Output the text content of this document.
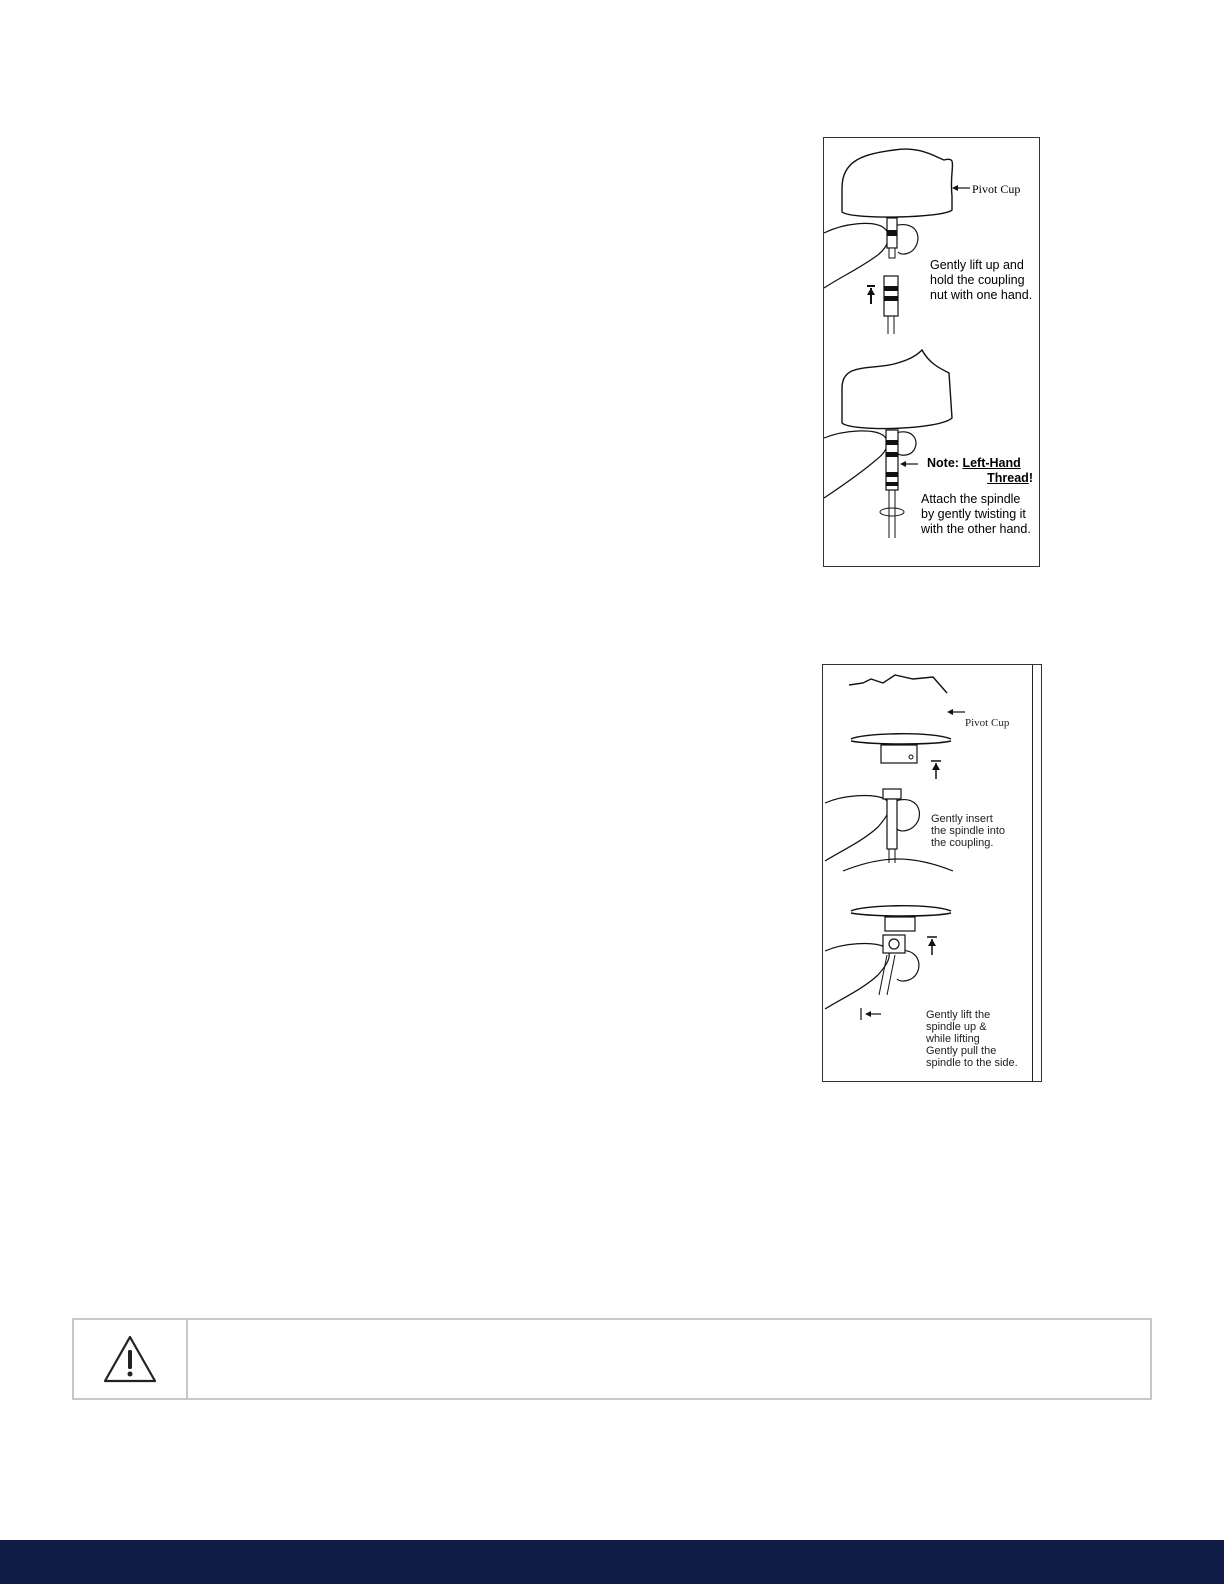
Pivot Cup
Gently lift up and
hold the coupling
nut with one hand.
Note: Left-Hand
Thread!
Attach the spindle
by gently twisting it
with the other hand.
Pivot Cup
Gently insert
the spindle into
the coupling.
Gently lift the
spindle up &
while lifting
Gently pull the
spindle to the side.
